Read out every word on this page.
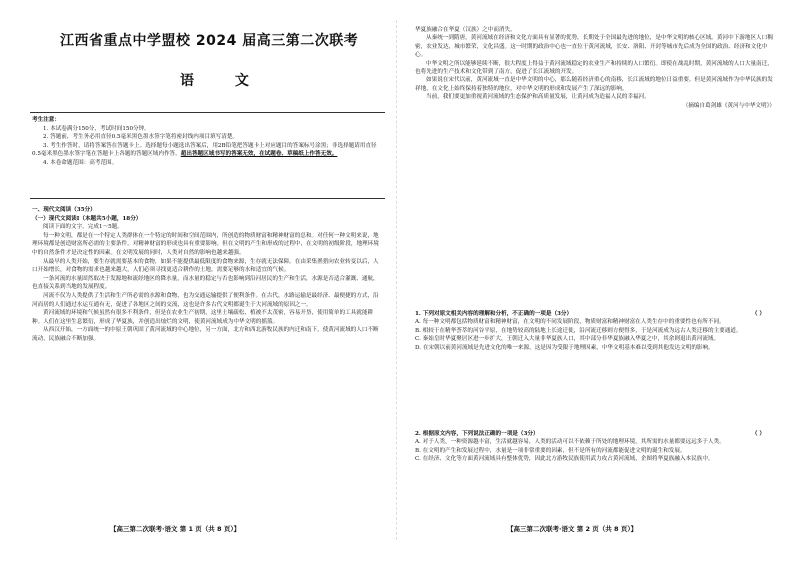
江西省重点中学盟校 2024 届高三第二次联考
语 文

考生注意：

1. 本试卷满分150分，考试时间150分钟。

2. 答题前，考生务必用直径0.5毫米黑色墨水签字笔将密封线内项目填写清楚。

3. 考生作答时，请将答案答在答题卡上。选择题每小题选出答案后，用2B铅笔把答题卡上对应题目的答案标号涂黑；非选择题请用直径0.5毫米黑色墨水签字笔在答题卡上各题的答题区域内作答，超出答题区域书写的答案无效，在试题卷、草稿纸上作答无效。

4. 本卷命题范围：高考范围。

一、现代文阅读（35分）

（一）现代文阅读Ⅰ（本题共5小题，18分）

阅读下面的文字，完成1～5题。

每一种文明，都是在一个特定人类群体在一个特定的时间和空间范围内，所创造的物质财富和精神财富的总和。对任何一种文明来说，地理环境都是创造财富所必需的主要条件，对精神财富的形成也具有重要影响。但在文明的产生和形成的过程中，在文明的初级阶段，地理环境中的自然条件才是决定性的因素。在文明发展的同时，人类对自然的影响也越来越强。

从最早的人类开始，要生存就需要基本的食物，如果不能提供最低限度的食物来源，生存就无法保障。在由采集渔猎向农业转变以后，人口开始增长，对食物的需求也越来越大，人们必须寻找更适合耕作的土地，需要足够的水和适宜的气候。

一条河流的水量固然取决于发源地和流经地区的降水量，而水量的稳定与否也影响到沿河居民的生产和生活，水源是否适合灌溉、通航，也直接关系到当地的发展程度。

河流不仅为人类提供了生活和生产所必需的水源和食物，也为交通运输提供了便利条件。在古代，水路运输是最经济、最便捷的方式，沿河而居的人们通过水运互通有无，促进了各地区之间的交流，这也是许多古代文明都诞生于大河流域的原因之一。

黄河流域的环境和气候虽然有很多不利条件，但是在农业生产初期，这里土壤疏松、植被不太茂密，容易开垦，使用简单的工具就能耕种。人们在这里生息繁衍，形成了华夏族，并创造出灿烂的文明，使黄河流域成为中华文明的摇篮。

从西汉开始，一方面统一的中原王朝巩固了黄河流域的中心地位，另一方面，北方和西北游牧民族的内迁和南下，使黄河流域的人口不断流动，民族融合不断加强。

【高三第二次联考·语文 第 1 页（共 8 页）】

华夏族融合在华夏（汉族）之中而消失。

从秦统一到隋唐，黄河流域在经济和文化方面具有显著的优势，长期处于全国最先进的地位，是中华文明的核心区域。黄河中下游地区人口稠密，农业发达，城市繁荣，文化昌盛。这一时期的政治中心也一直位于黄河流域，长安、洛阳、开封等城市先后成为全国的政治、经济和文化中心。

中华文明之所以能够延续不断，很大程度上得益于黄河流域稳定的农业生产和持续的人口繁衍。即使在战乱时期，黄河流域的人口大量南迁，也将先进的生产技术和文化带到了南方，促进了长江流域的开发。

如果说在宋代以前，黄河流域一直是中华文明的中心，那么随着经济重心的南移，长江流域的地位日益重要。但是黄河流域作为中华民族的发祥地，在文化上始终保持着独特的地位，对中华文明的形成和发展产生了深远的影响。

当前，我们要更加重视黄河流域的生态保护和高质量发展，让黄河成为造福人民的幸福河。

（摘编自葛剑雄《黄河与中华文明》）

1. 下列对原文相关内容的理解和分析，不正确的一项是（3分）	（ ）

A. 每一种文明都包括物质财富和精神财富，在文明的不同发展阶段，物质财富和精神财富在人类生存中的重要性也有所不同。

B. 相较于在精华荟萃的河谷平原，在地势较高的陆地上长途迁徙，沿河流迁移则方便得多，于是河流成为远古人类迁移的主要通道。

C. 秦始皇时华夏聚居区进一步扩大，王朝迁入大量非华夏族人口，其中部分非华夏族融入华夏之中，其余则退出黄河流域。

D. 在宋朝以前黄河流域是先进文化的唯一来源，这是因为受限于地理因素，中华文明基本难以受到其他发达文明的影响。

2. 根据原文内容，下列说法正确的一项是（3分）	（ ）

A. 对于人类，一种资源越丰富，生活就越容易，人类的活动可以不依赖于所处的地理环境，其所需的水量都要远远多于人类。

B. 在文明的产生和发展过程中，水量是一项非常重要的因素，但不是所有的河流都能促进文明的诞生和发展。

C. 在经济、文化等方面黄河流域具有整体优势，因此北方游牧民族使用武力攻占黄河流域，企图将华夏族融入本民族中。

【高三第二次联考·语文 第 2 页（共 8 页）】
